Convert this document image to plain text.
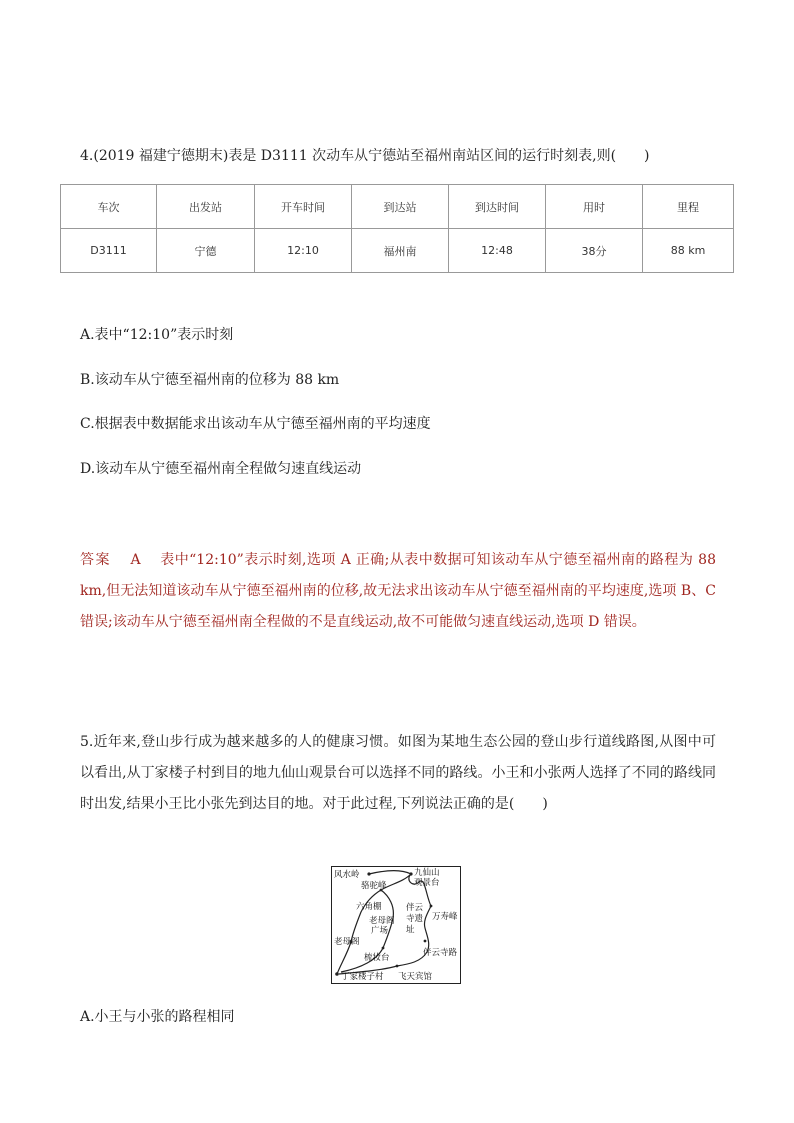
4.(2019 福建宁德期末)表是 D3111 次动车从宁德站至福州南站区间的运行时刻表,则(　　)
车次	出发站	开车时间	到达站	到达时间	用时	里程
D3111	宁德	12:10	福州南	12:48	38分	88 km
A.表中“12:10”表示时刻
B.该动车从宁德至福州南的位移为 88 km
C.根据表中数据能求出该动车从宁德至福州南的平均速度
D.该动车从宁德至福州南全程做匀速直线运动
答案 A 表中“12:10”表示时刻,选项 A 正确;从表中数据可知该动车从宁德至福州南的路程为 88 km,但无法知道该动车从宁德至福州南的位移,故无法求出该动车从宁德至福州南的平均速度,选项 B、C 错误;该动车从宁德至福州南全程做的不是直线运动,故不可能做匀速直线运动,选项 D 错误。
5.近年来,登山步行成为越来越多的人的健康习惯。如图为某地生态公园的登山步行道线路图,从图中可以看出,从丁家楼子村到目的地九仙山观景台可以选择不同的路线。小王和小张两人选择了不同的路线同时出发,结果小王比小张先到达目的地。对于此过程,下列说法正确的是(　　)
风水岭
骆驼峰
九仙山
观景台
六角棚
万寿峰
老母阁
广场
伴云
寺遗
址
老母阁
梳妆台	伴云寺路
丁家楼子村 飞天宾馆
A.小王与小张的路程相同
